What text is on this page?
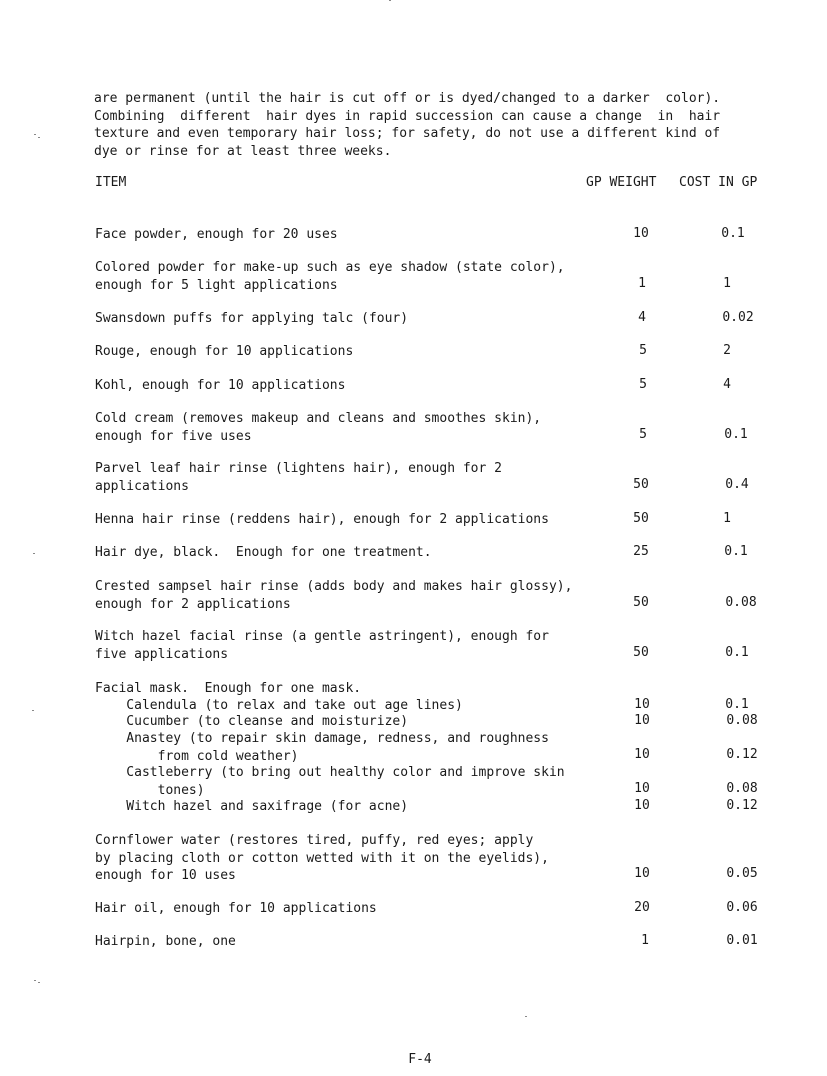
are permanent (until the hair is cut off or is dyed/changed to a darker  color).
Combining  different  hair dyes in rapid succession can cause a change  in  hair
texture and even temporary hair loss; for safety, do not use a different kind of
dye or rinse for at least three weeks.
ITEM	GP WEIGHT COST IN GP
Face powder, enough for 20 uses	10	0.1
Colored powder for make-up such as eye shadow (state color),
enough for 5 light applications	1	1
Swansdown puffs for applying talc (four)	4	0.02
Rouge, enough for 10 applications	5	2
Kohl, enough for 10 applications	5	4
Cold cream (removes makeup and cleans and smoothes skin),
enough for five uses	5	0.1
Parvel leaf hair rinse (lightens hair), enough for 2
applications	50	0.4
Henna hair rinse (reddens hair), enough for 2 applications	50	1
Hair dye, black.  Enough for one treatment.	25	0.1
Crested sampsel hair rinse (adds body and makes hair glossy),
enough for 2 applications	50	0.08
Witch hazel facial rinse (a gentle astringent), enough for
five applications	50	0.1
Facial mask.  Enough for one mask.
Calendula (to relax and take out age lines)	10	0.1
Cucumber (to cleanse and moisturize)	10	0.08
Anastey (to repair skin damage, redness, and roughness
from cold weather)	10	0.12
Castleberry (to bring out healthy color and improve skin
tones)	10	0.08
Witch hazel and saxifrage (for acne)	10	0.12
Cornflower water (restores tired, puffy, red eyes; apply
by placing cloth or cotton wetted with it on the eyelids),
enough for 10 uses	10	0.05
Hair oil, enough for 10 applications	20	0.06
Hairpin, bone, one	1	0.01
F-4
